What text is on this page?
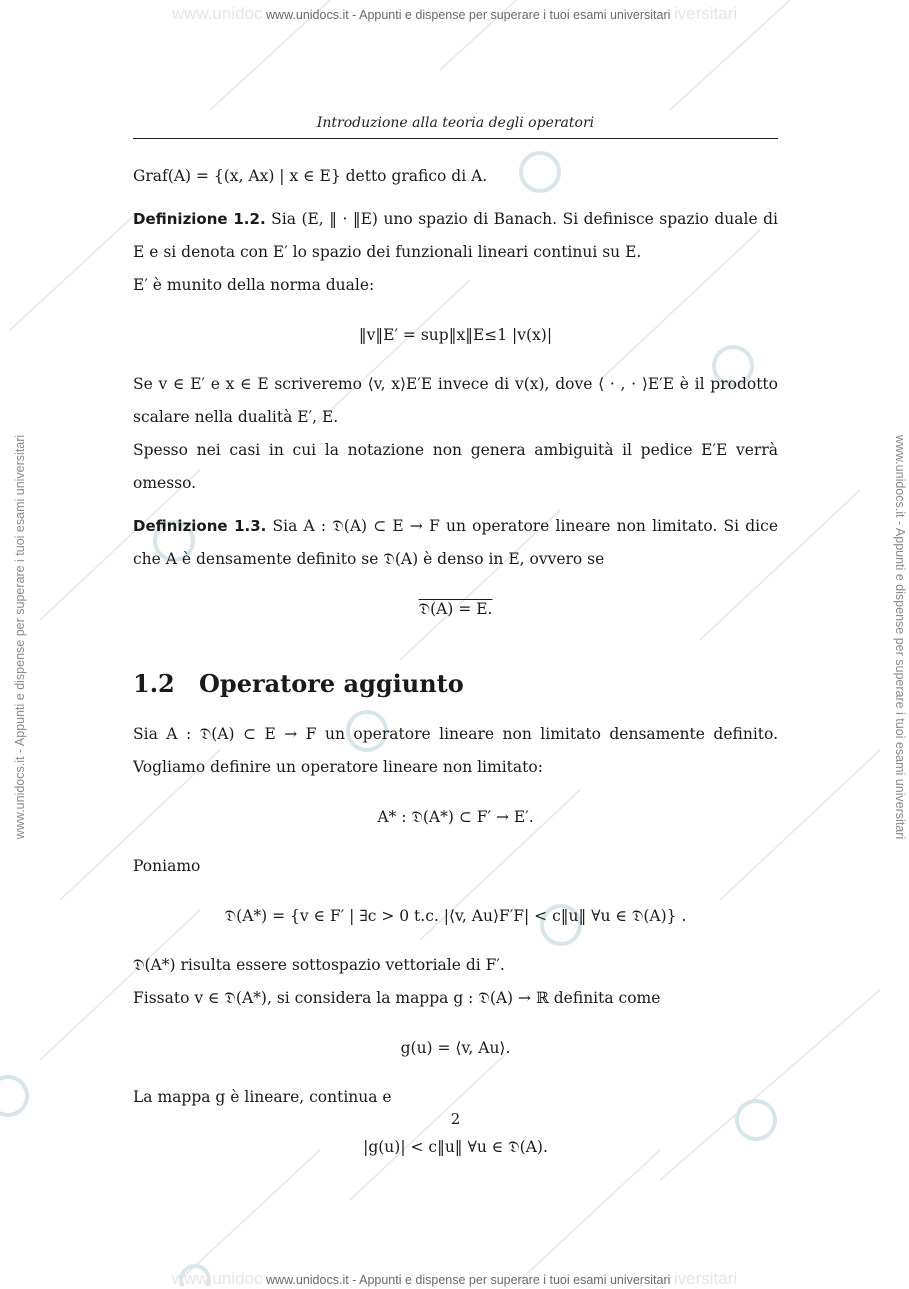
www.unidoc www.unidocs.it - Appunti e dispense per superare i tuoi esami universitari iversitari
www.unidocs.it - Appunti e dispense per superare i tuoi esami universitari	www.unidocs.it - Appunti e dispense per superare i tuoi esami universitari
Introduzione alla teoria degli operatori

Graf(A) = {(x, Ax) | x ∈ E} detto grafico di A.

Definizione 1.2. Sia (E, ‖ · ‖E) uno spazio di Banach. Si definisce spazio duale di E e si denota con E′ lo spazio dei funzionali lineari continui su E.

E′ è munito della norma duale:

‖v‖E′ = sup‖x‖E≤1 |v(x)|

Se v ∈ E′ e x ∈ E scriveremo ⟨v, x⟩E′E invece di v(x), dove ⟨ · , · ⟩E′E è il prodotto scalare nella dualità E′, E.

Spesso nei casi in cui la notazione non genera ambiguità il pedice E′E verrà omesso.

Definizione 1.3. Sia A : 𝔇(A) ⊂ E → F un operatore lineare non limitato. Si dice che A è densamente definito se 𝔇(A) è denso in E, ovvero se

𝔇(A) = E.
1.2 Operatore aggiunto

Sia A : 𝔇(A) ⊂ E → F un operatore lineare non limitato densamente definito. Vogliamo definire un operatore lineare non limitato:

A* : 𝔇(A*) ⊂ F′ → E′.

Poniamo

𝔇(A*) = {v ∈ F′ | ∃c > 0 t.c. |⟨v, Au⟩F′F| < c‖u‖ ∀u ∈ 𝔇(A)} .

𝔇(A*) risulta essere sottospazio vettoriale di F′.

Fissato v ∈ 𝔇(A*), si considera la mappa g : 𝔇(A) → ℝ definita come

g(u) = ⟨v, Au⟩.

La mappa g è lineare, continua e

|g(u)| < c‖u‖ ∀u ∈ 𝔇(A).
2
www.unidoc www.unidocs.it - Appunti e dispense per superare i tuoi esami universitari iversitari
